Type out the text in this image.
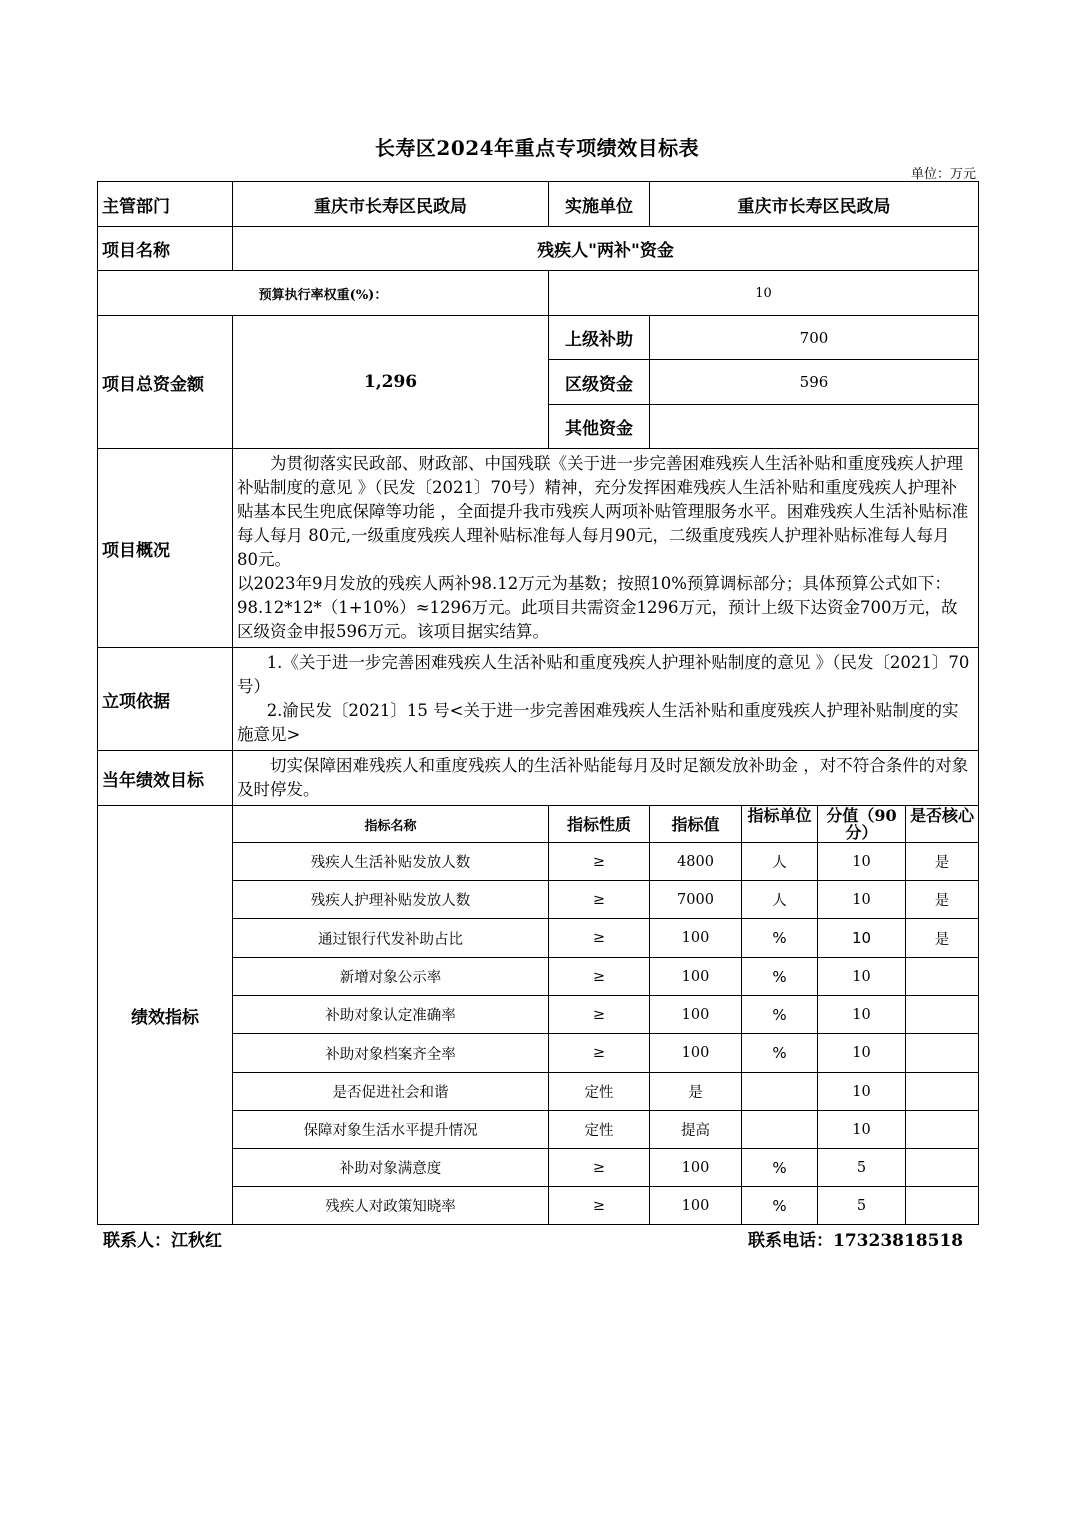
长寿区2024年重点专项绩效目标表
单位：万元
主管部门	重庆市长寿区民政局	实施单位	重庆市长寿区民政局			
项目名称	残疾人"两补"资金					
预算执行率权重(%)：		10				
项目总资金额	1,296	上级补助	700			
		区级资金	596			
		其他资金				
项目概况	为贯彻落实民政部、财政部、中国残联《关于进一步完善困难残疾人生活补贴和重度残疾人护理补贴制度的意见 》（民发〔2021〕70号）精神，充分发挥困难残疾人生活补贴和重度残疾人护理补贴基本民生兜底保障等功能 ，全面提升我市残疾人两项补贴管理服务水平。困难残疾人生活补贴标准每人每月 80元,一级重度残疾人理补贴标准每人每月90元，二级重度残疾人护理补贴标准每人每月 80元。

以2023年9月发放的残疾人两补98.12万元为基数；按照10%预算调标部分；具体预算公式如下：98.12*12*（1+10%）≈1296万元。此项目共需资金1296万元，预计上级下达资金700万元，故区级资金申报596万元。该项目据实结算。					

立项依据	1.《关于进一步完善困难残疾人生活补贴和重度残疾人护理补贴制度的意见 》（民发〔2021〕70号）

2.渝民发〔2021〕15 号<关于进一步完善困难残疾人生活补贴和重度残疾人护理补贴制度的实施意见>					

当年绩效目标	切实保障困难残疾人和重度残疾人的生活补贴能每月及时足额发放补助金 ，对不符合条件的对象及时停发。					

绩效指标	指标名称	指标性质	指标值	指标单位	分值（90分）	是否核心

	残疾人生活补贴发放人数	≥	4800	人	10	是
	残疾人护理补贴发放人数	≥	7000	人	10	是
	通过银行代发补助占比	≥	100	%	10	是
	新增对象公示率	≥	100	%	10	
	补助对象认定准确率	≥	100	%	10	
	补助对象档案齐全率	≥	100	%	10	
	是否促进社会和谐	定性	是		10	
	保障对象生活水平提升情况	定性	提高		10	
	补助对象满意度	≥	100	%	5	
	残疾人对政策知晓率	≥	100	%	5	
联系人：江秋红	联系电话：17323818518
